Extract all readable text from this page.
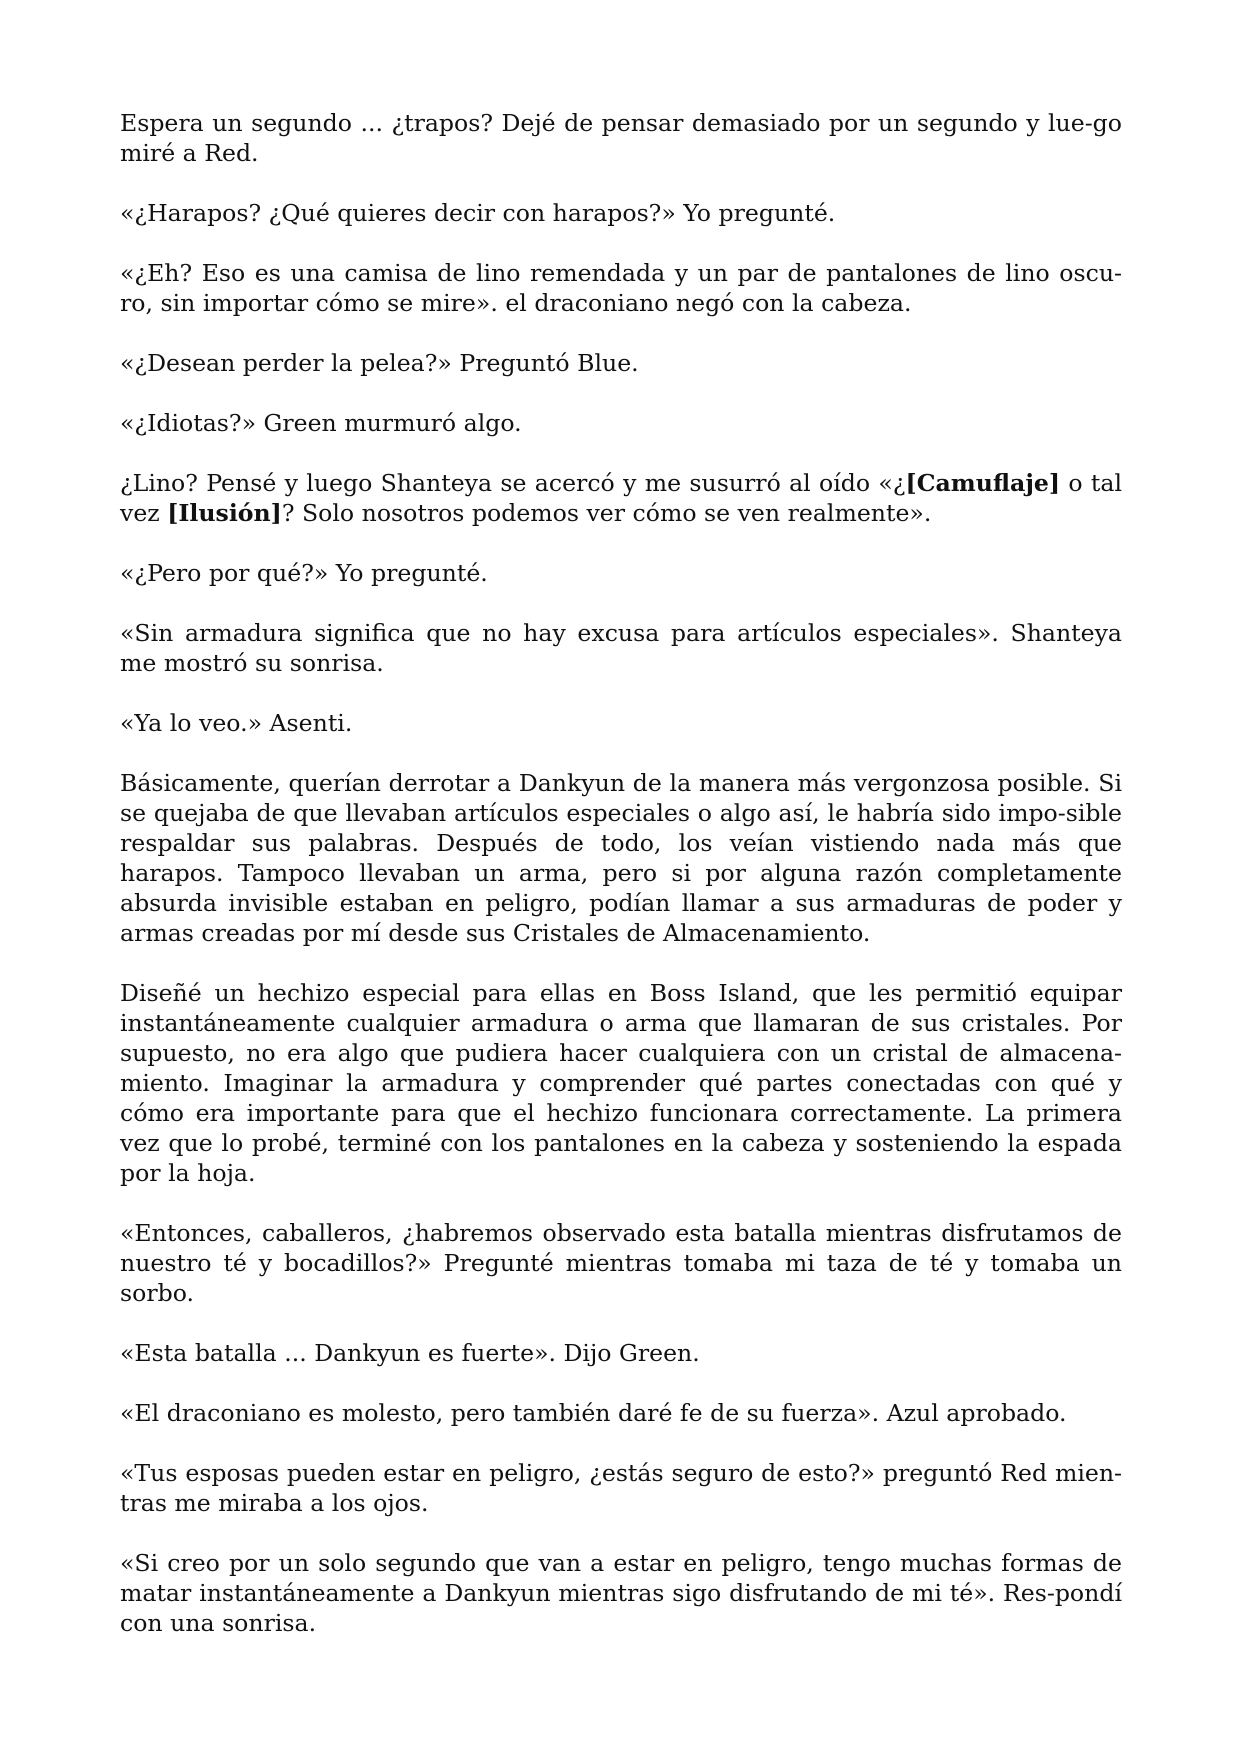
Espera un segundo ... ¿trapos? Dejé de pensar demasiado por un segundo y lue-go miré a Red.

«¿Harapos? ¿Qué quieres decir con harapos?» Yo pregunté.

«¿Eh? Eso es una camisa de lino remendada y un par de pantalones de lino oscu-ro, sin importar cómo se mire». el draconiano negó con la cabeza.

«¿Desean perder la pelea?» Preguntó Blue.

«¿Idiotas?» Green murmuró algo.

¿Lino? Pensé y luego Shanteya se acercó y me susurró al oído «¿[Camuflaje] o tal vez [Ilusión]? Solo nosotros podemos ver cómo se ven realmente».

«¿Pero por qué?» Yo pregunté.

«Sin armadura significa que no hay excusa para artículos especiales». Shanteya me mostró su sonrisa.

«Ya lo veo.» Asenti.

Básicamente, querían derrotar a Dankyun de la manera más vergonzosa posible. Si se quejaba de que llevaban artículos especiales o algo así, le habría sido impo-sible respaldar sus palabras. Después de todo, los veían vistiendo nada más que harapos. Tampoco llevaban un arma, pero si por alguna razón completamente absurda invisible estaban en peligro, podían llamar a sus armaduras de poder y armas creadas por mí desde sus Cristales de Almacenamiento.

Diseñé un hechizo especial para ellas en Boss Island, que les permitió equipar instantáneamente cualquier armadura o arma que llamaran de sus cristales. Por supuesto, no era algo que pudiera hacer cualquiera con un cristal de almacena-miento. Imaginar la armadura y comprender qué partes conectadas con qué y cómo era importante para que el hechizo funcionara correctamente. La primera vez que lo probé, terminé con los pantalones en la cabeza y sosteniendo la espada por la hoja.

«Entonces, caballeros, ¿habremos observado esta batalla mientras disfrutamos de nuestro té y bocadillos?» Pregunté mientras tomaba mi taza de té y tomaba un sorbo.

«Esta batalla ... Dankyun es fuerte». Dijo Green.

«El draconiano es molesto, pero también daré fe de su fuerza». Azul aprobado.

«Tus esposas pueden estar en peligro, ¿estás seguro de esto?» preguntó Red mien-tras me miraba a los ojos.

«Si creo por un solo segundo que van a estar en peligro, tengo muchas formas de matar instantáneamente a Dankyun mientras sigo disfrutando de mi té». Res-pondí con una sonrisa.
